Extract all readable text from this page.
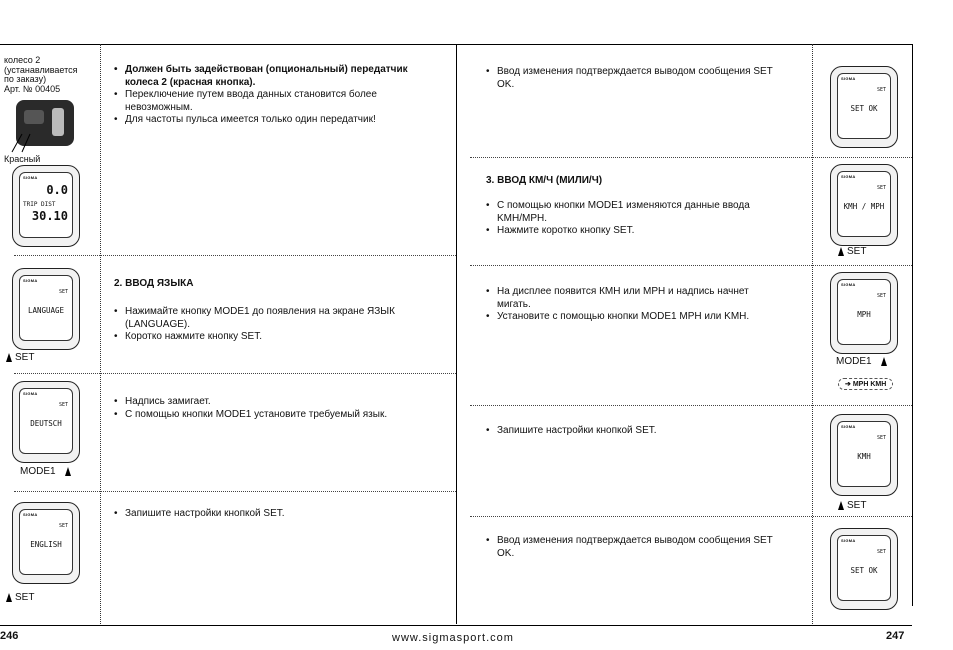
колесо 2
(устанавливается
по заказу)
Арт. № 00405
Красный
SIGMA
0.0
TRIP DIST
30.10
• Должен быть задействован (опциональный) передатчик колеса 2 (красная кнопка).
• Переключение путем ввода данных становится более невозможным.
• Для частоты пульса имеется только один передатчик!
SIGMA
SET
LANGUAGE
SET
2. ВВОД ЯЗЫКА
• Нажимайте кнопку MODE1 до появления на экране ЯЗЫК (LANGUAGE).
• Коротко нажмите кнопку SET.
SIGMA
SET
DEUTSCH
MODE1
• Надпись замигает.
• С помощью кнопки MODE1 установите требуемый язык.
SIGMA
SET
ENGLISH
SET
• Запишите настройки кнопкой SET.
• Ввод изменения подтверждается выводом сообщения SET OK.	SIGMA
SET
SET OK
3. ВВОД КМ/Ч (МИЛИ/Ч)
• С помощью кнопки MODE1 изменяются данные ввода KMH/MPH.
• Нажмите коротко кнопку SET.
SIGMA
SET
KMH / MPH
SET
• На дисплее появится КМН или МРН и надпись начнет мигать.
• Установите с помощью кнопки MODE1 MPH или KMH.
SIGMA
SET
MPH
MODE1
➔ MPH KMH
• Запишите настройки кнопкой SET.	SIGMA
SET
KMH
SET
• Ввод изменения подтверждается выводом сообщения SET OK.
SIGMA
SET
SET OK
246	www.sigmasport.com	247
